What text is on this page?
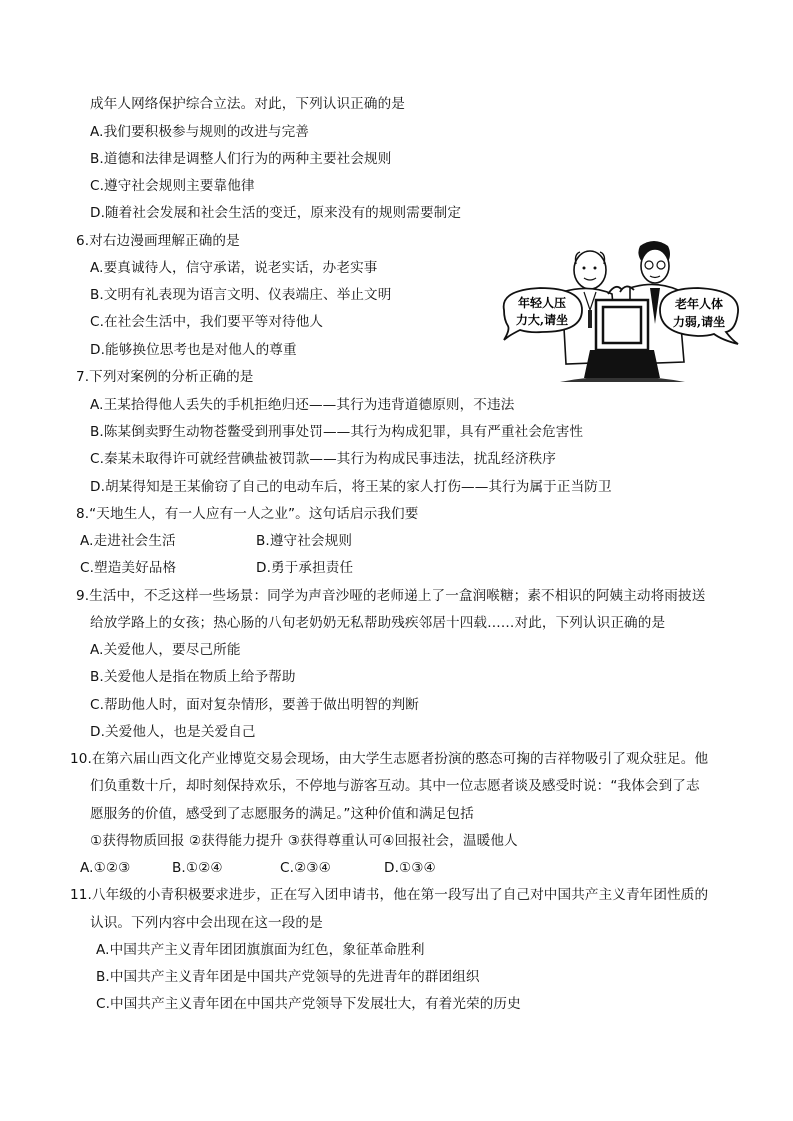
成年人网络保护综合立法。对此，下列认识正确的是
A.我们要积极参与规则的改进与完善
B.道德和法律是调整人们行为的两种主要社会规则
C.遵守社会规则主要靠他律
D.随着社会发展和社会生活的变迁，原来没有的规则需要制定
6.对右边漫画理解正确的是
A.要真诚待人，信守承诺，说老实话，办老实事
B.文明有礼表现为语言文明、仪表端庄、举止文明
C.在社会生活中，我们要平等对待他人
D.能够换位思考也是对他人的尊重
年轻人压
力大,请坐
老年人体
力弱,请坐
7.下列对案例的分析正确的是
A.王某拾得他人丢失的手机拒绝归还——其行为违背道德原则，不违法
B.陈某倒卖野生动物苍鳖受到刑事处罚——其行为构成犯罪，具有严重社会危害性
C.秦某未取得许可就经营碘盐被罚款——其行为构成民事违法，扰乱经济秩序
D.胡某得知是王某偷窃了自己的电动车后，将王某的家人打伤——其行为属于正当防卫
8.“天地生人，有一人应有一人之业”。这句话启示我们要
A.走进社会生活	B.遵守社会规则
C.塑造美好品格	D.勇于承担责任
9.生活中，不乏这样一些场景：同学为声音沙哑的老师递上了一盒润喉糖；素不相识的阿姨主动将雨披送
给放学路上的女孩；热心肠的八旬老奶奶无私帮助残疾邻居十四载……对此，下列认识正确的是
A.关爱他人，要尽己所能
B.关爱他人是指在物质上给予帮助
C.帮助他人时，面对复杂情形，要善于做出明智的判断
D.关爱他人，也是关爱自己
10.在第六届山西文化产业博览交易会现场，由大学生志愿者扮演的憨态可掬的吉祥物吸引了观众驻足。他
们负重数十斤，却时刻保持欢乐，不停地与游客互动。其中一位志愿者谈及感受时说：“我体会到了志
愿服务的价值，感受到了志愿服务的满足。”这种价值和满足包括
①获得物质回报 ②获得能力提升 ③获得尊重认可④回报社会，温暖他人
A.①②③	B.①②④	C.②③④	D.①③④
11.八年级的小青积极要求进步，正在写入团申请书，他在第一段写出了自己对中国共产主义青年团性质的
认识。下列内容中会出现在这一段的是
A.中国共产主义青年团团旗旗面为红色，象征革命胜利
B.中国共产主义青年团是中国共产党领导的先进青年的群团组织
C.中国共产主义青年团在中国共产党领导下发展壮大，有着光荣的历史
